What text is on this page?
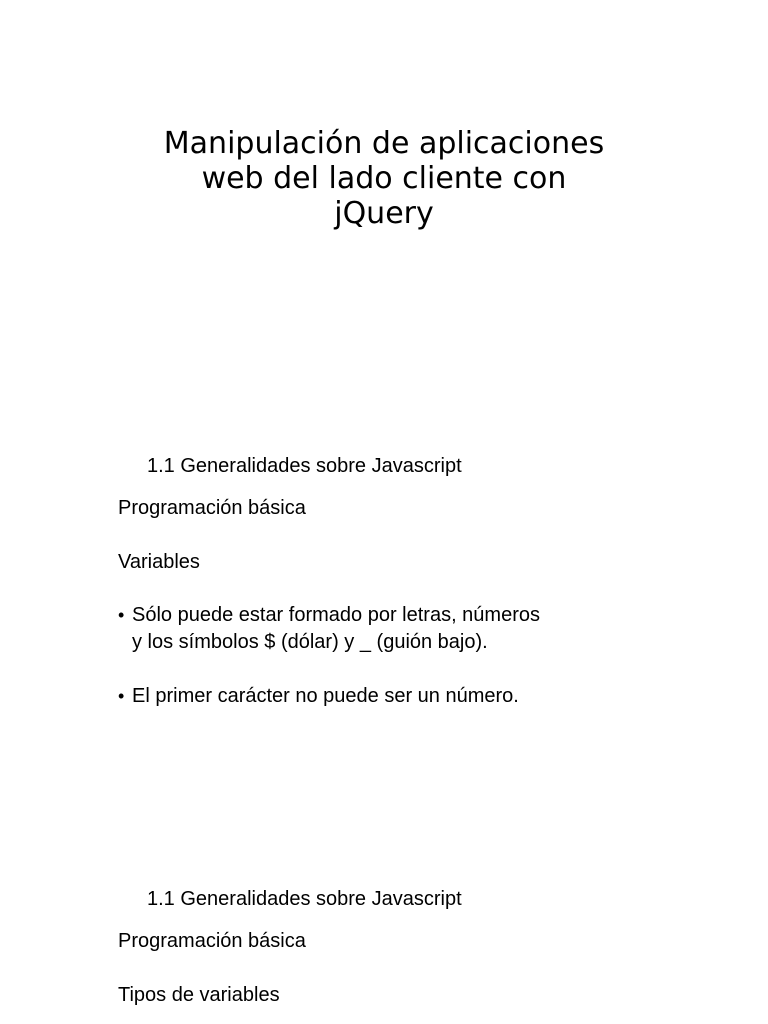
Manipulación de aplicaciones
web del lado cliente con
jQuery
1.1 Generalidades sobre Javascript

Programación básica

Variables

• Sólo puede estar formado por letras, números
y los símbolos $ (dólar) y _ (guión bajo).
• El primer carácter no puede ser un número.
1.1 Generalidades sobre Javascript

Programación básica

Tipos de variables
